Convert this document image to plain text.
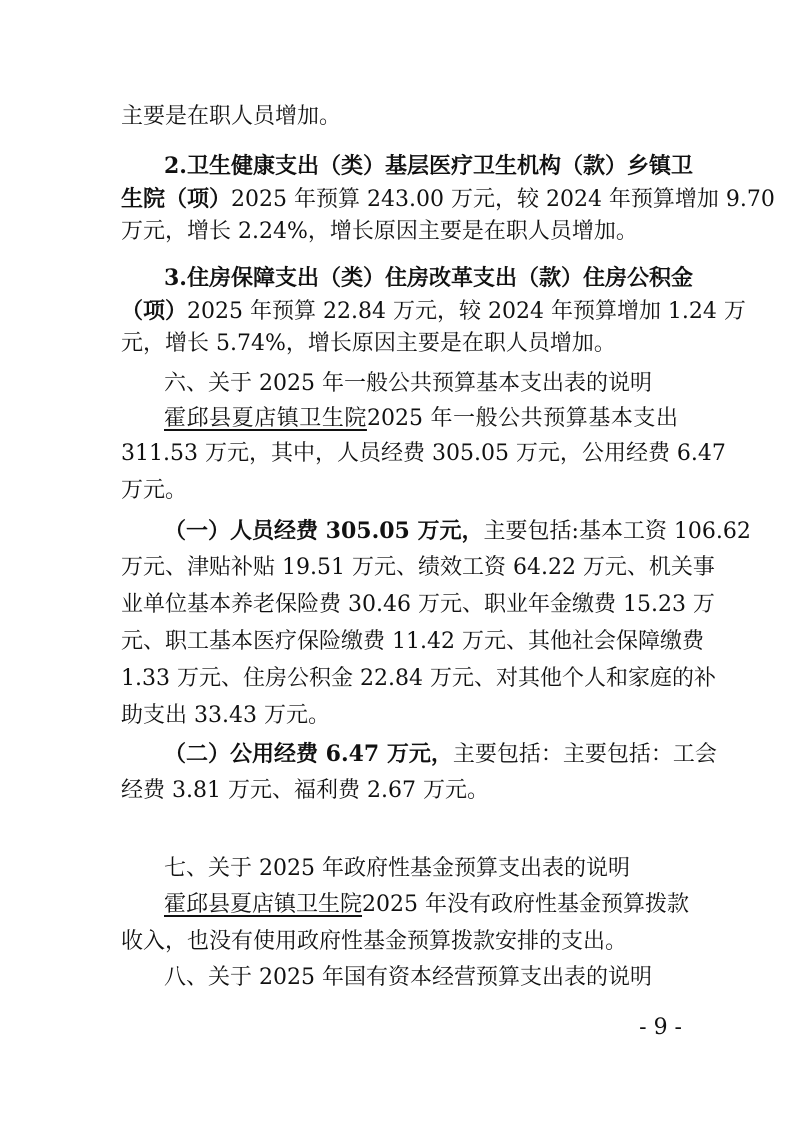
主要是在职人员增加。
2.卫生健康支出（类）基层医疗卫生机构（款）乡镇卫
生院（项）2025 年预算 243.00 万元，较 2024 年预算增加 9.70
万元，增长 2.24%，增长原因主要是在职人员增加。
3.住房保障支出（类）住房改革支出（款）住房公积金
（项）2025 年预算 22.84 万元，较 2024 年预算增加 1.24 万
元，增长 5.74%，增长原因主要是在职人员增加。
六、关于 2025 年一般公共预算基本支出表的说明
霍邱县夏店镇卫生院2025 年一般公共预算基本支出
311.53 万元，其中，人员经费 305.05 万元，公用经费 6.47
万元。
（一）人员经费 305.05 万元，主要包括:基本工资 106.62
万元、津贴补贴 19.51 万元、绩效工资 64.22 万元、机关事
业单位基本养老保险费 30.46 万元、职业年金缴费 15.23 万
元、职工基本医疗保险缴费 11.42 万元、其他社会保障缴费
1.33 万元、住房公积金 22.84 万元、对其他个人和家庭的补
助支出 33.43 万元。
（二）公用经费 6.47 万元，主要包括：主要包括：工会
经费 3.81 万元、福利费 2.67 万元。
七、关于 2025 年政府性基金预算支出表的说明
霍邱县夏店镇卫生院2025 年没有政府性基金预算拨款
收入，也没有使用政府性基金预算拨款安排的支出。
八、关于 2025 年国有资本经营预算支出表的说明
- 9 -
